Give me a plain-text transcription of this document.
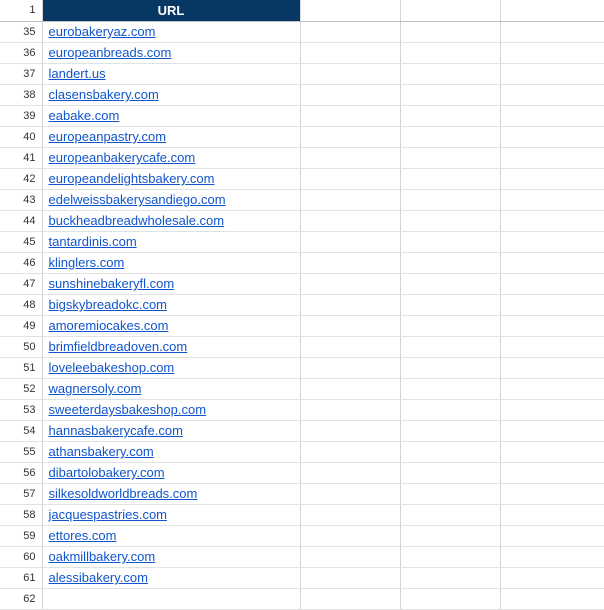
1	URL			
35	eurobakeryaz.com			
36	europeanbreads.com			
37	landert.us			
38	clasensbakery.com			
39	eabake.com			
40	europeanpastry.com			
41	europeanbakerycafe.com			
42	europeandelightsbakery.com			
43	edelweissbakerysandiego.com			
44	buckheadbreadwholesale.com			
45	tantardinis.com			
46	klinglers.com			
47	sunshinebakeryfl.com			
48	bigskybreadokc.com			
49	amoremiocakes.com			
50	brimfieldbreadoven.com			
51	loveleebakeshop.com			
52	wagnersoly.com			
53	sweeterdaysbakeshop.com			
54	hannasbakerycafe.com			
55	athansbakery.com			
56	dibartolobakery.com			
57	silkesoldworldbreads.com			
58	jacquespastries.com			
59	ettores.com			
60	oakmillbakery.com			
61	alessibakery.com			
62				
